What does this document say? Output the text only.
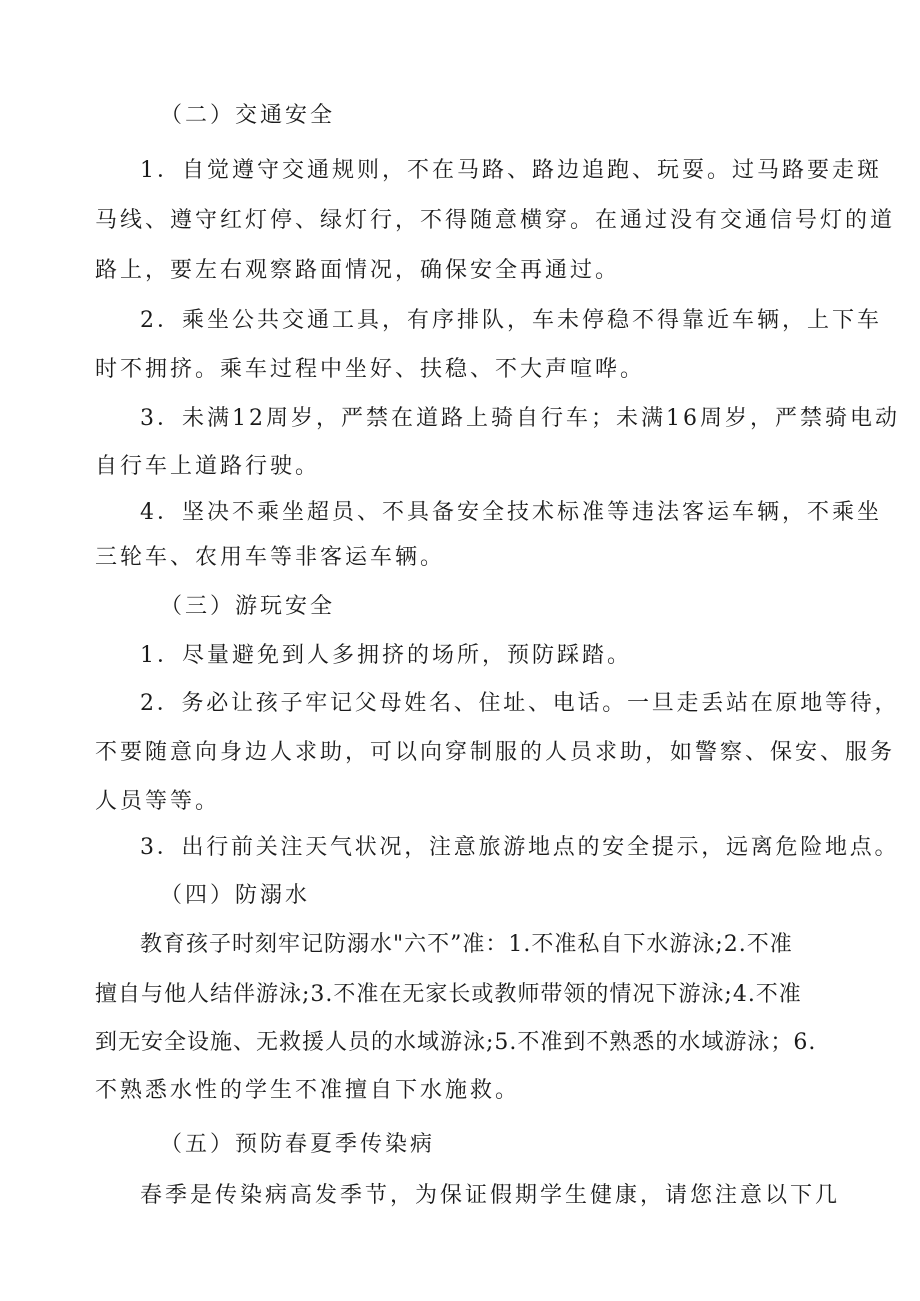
（二）交通安全
1．自觉遵守交通规则，不在马路、路边追跑、玩耍。过马路要走斑
马线、遵守红灯停、绿灯行，不得随意横穿。在通过没有交通信号灯的道
路上，要左右观察路面情况，确保安全再通过。
2．乘坐公共交通工具，有序排队，车未停稳不得靠近车辆，上下车
时不拥挤。乘车过程中坐好、扶稳、不大声喧哗。
3．未满12周岁，严禁在道路上骑自行车；未满16周岁，严禁骑电动
自行车上道路行驶。
4．坚决不乘坐超员、不具备安全技术标准等违法客运车辆，不乘坐
三轮车、农用车等非客运车辆。
（三）游玩安全
1．尽量避免到人多拥挤的场所，预防踩踏。
2．务必让孩子牢记父母姓名、住址、电话。一旦走丢站在原地等待，
不要随意向身边人求助，可以向穿制服的人员求助，如警察、保安、服务
人员等等。
3．出行前关注天气状况，注意旅游地点的安全提示，远离危险地点。
（四）防溺水
教育孩子时刻牢记防溺水"六不”准：1.不准私自下水游泳;2.不准
擅自与他人结伴游泳;3.不准在无家长或教师带领的情况下游泳;4.不准
到无安全设施、无救援人员的水域游泳;5.不准到不熟悉的水域游泳；6.
不熟悉水性的学生不准擅自下水施救。
（五）预防春夏季传染病
春季是传染病高发季节，为保证假期学生健康，请您注意以下几
